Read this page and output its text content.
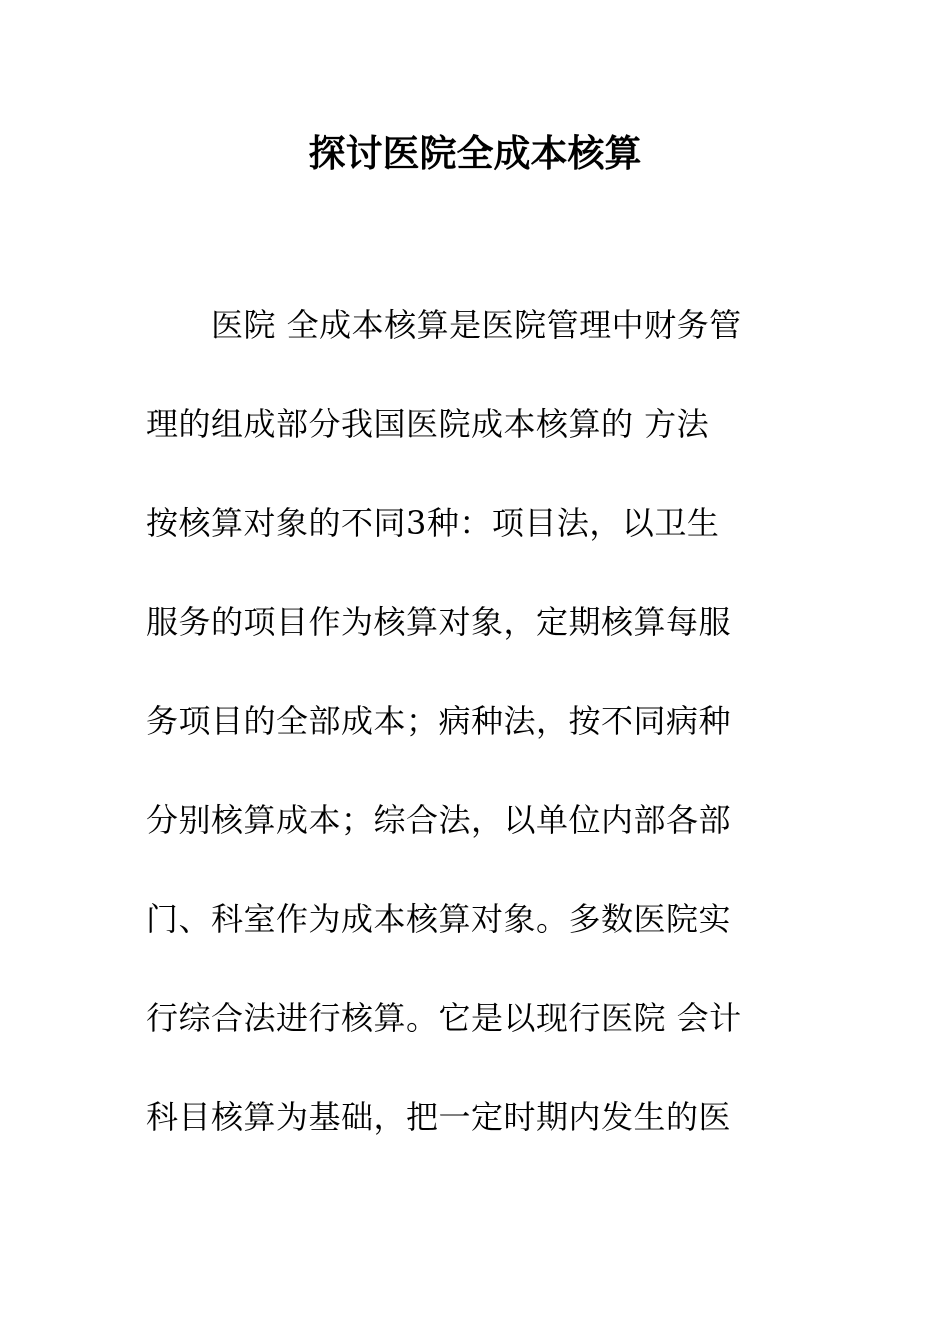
探讨医院全成本核算
　　医院 全成本核算是医院管理中财务管
理的组成部分我国医院成本核算的 方法
按核算对象的不同3种：项目法，以卫生
服务的项目作为核算对象，定期核算每服
务项目的全部成本；病种法，按不同病种
分别核算成本；综合法，以单位内部各部
门、科室作为成本核算对象。多数医院实
行综合法进行核算。它是以现行医院 会计
科目核算为基础，把一定时期内发生的医
